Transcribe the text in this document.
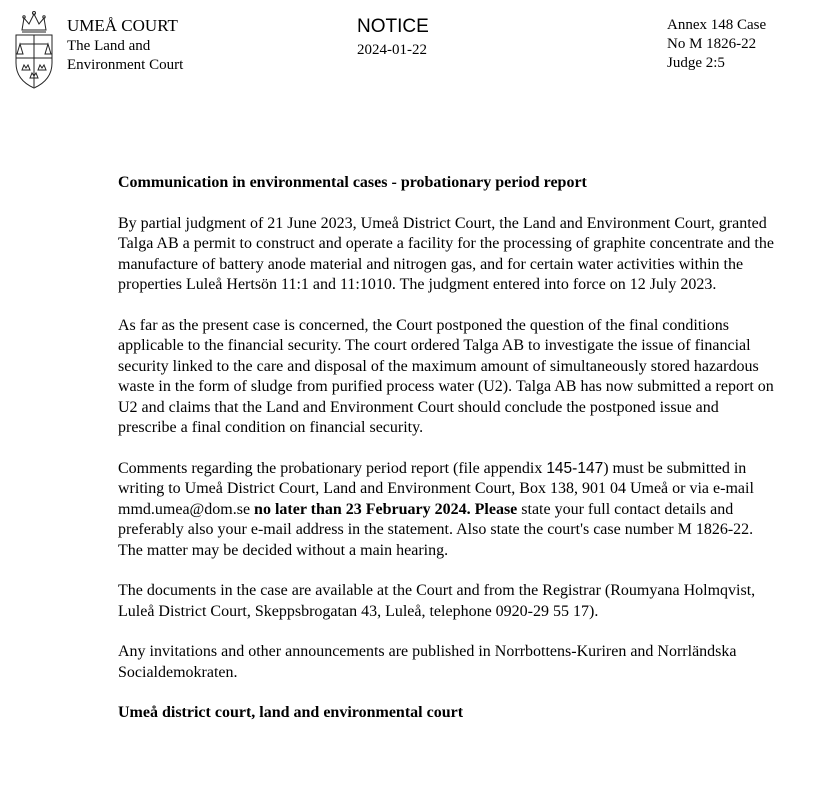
UMEÅ COURT
The Land and
Environment Court
NOTICE
2024-01-22
Annex 148 Case
No M 1826-22
Judge 2:5

Communication in environmental cases - probationary period report

By partial judgment of 21 June 2023, Umeå District Court, the Land and Environment Court, granted Talga AB a permit to construct and operate a facility for the processing of graphite concentrate and the manufacture of battery anode material and nitrogen gas, and for certain water activities within the properties Luleå Hertsön 11:1 and 11:1010. The judgment entered into force on 12 July 2023.

As far as the present case is concerned, the Court postponed the question of the final conditions applicable to the financial security. The court ordered Talga AB to investigate the issue of financial security linked to the care and disposal of the maximum amount of simultaneously stored hazardous waste in the form of sludge from purified process water (U2). Talga AB has now submitted a report on U2 and claims that the Land and Environment Court should conclude the postponed issue and prescribe a final condition on financial security.

Comments regarding the probationary period report (file appendix 145-147) must be submitted in writing to Umeå District Court, Land and Environment Court, Box 138, 901 04 Umeå or via e-mail mmd.umea@dom.se no later than 23 February 2024. Please state your full contact details and preferably also your e-mail address in the statement. Also state the court's case number M 1826-22.
The matter may be decided without a main hearing.

The documents in the case are available at the Court and from the Registrar (Roumyana Holmqvist, Luleå District Court, Skeppsbrogatan 43, Luleå, telephone 0920-29 55 17).

Any invitations and other announcements are published in Norrbottens-Kuriren and Norrländska Socialdemokraten.

Umeå district court, land and environmental court
